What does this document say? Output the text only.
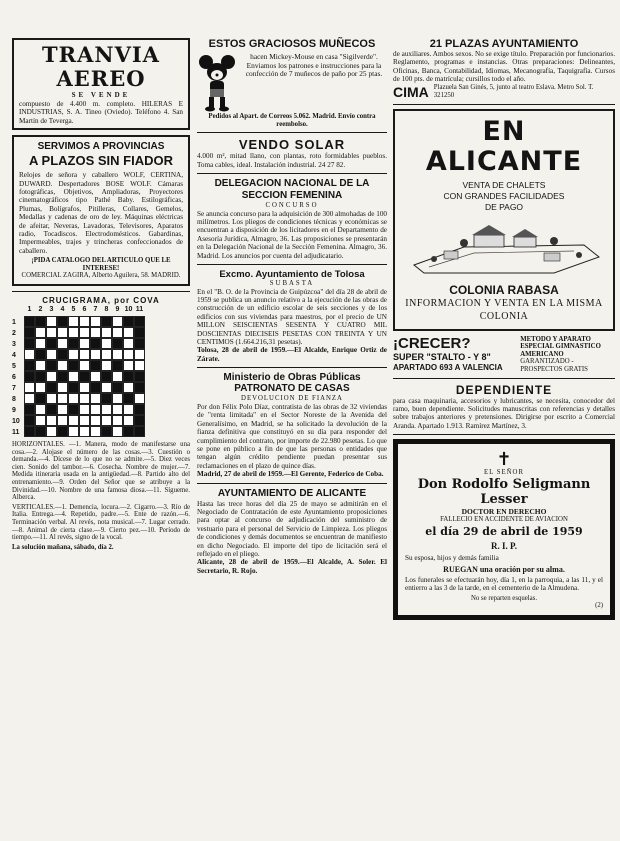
TRANVIA AEREO
SE VENDE
compuesto de 4.400 m. completo. HILERAS E INDUSTRIAS, S. A. Tineo (Oviedo). Teléfono 4. San Martín de Teverga.
SERVIMOS A PROVINCIAS
A PLAZOS SIN FIADOR
Relojes de señora y caballero WOLF, CERTINA, DUWARD. Despertadores BOSE WOLF. Cámaras fotográficas, Objetivos, Ampliadoras, Proyectores cinematográficos tipo Pathé Baby. Estilográficas, Plumas, Bolígrafos, Pitilleras, Collares, Gemelos, Medallas y cadenas de oro de ley. Máquinas eléctricas de afeitar, Neveras, Lavadoras, Televisores, Aparatos radio, Tocadiscos. Electrodomésticos. Gabardinas, Impermeables, trajes y trincheras confeccionados de caballero.
¡PIDA CATALOGO DEL ARTICULO QUE LE INTERESE!
COMERCIAL ZAGIRA, Alberto Aguilera, 58. MADRID.
CRUCIGRAMA, por COVA
1	2	3	4	5	6	7	8	9 10 11
1
2
3
4
5
6
7
8
9
10
11
HORIZONTALES. —1. Manera, modo de manifestarse una cosa.—2. Alojase el número de las cosas.—3. Cuestión o demanda.—4. Dícese de lo que no se admite.—5. Diez veces cien. Sonido del tambor.—6. Cosecha. Nombre de mujer.—7. Medida itineraria usada en la antigüedad.—8. Partido alto del entrenamiento.—9. Orden del Señor que se atribuye a la Divinidad.—10. Nombre de una famosa diosa.—11. Sígueme. Alberca.
VERTICALES.—1. Demencia, locura.—2. Cigarro.—3. Río de Italia. Entrega.—4. Repetido, padre.—5. Ente de razón.—6. Terminación verbal. Al revés, nota musical.—7. Lugar cerrado.—8. Animal de cierta clase.—9. Cierto pez.—10. Período de tiempo.—11. Al revés, signo de la vocal.
La solución mañana, sábado, día 2.
ESTOS GRACIOSOS MUÑECOS
hacen Mickey-Mouse en casa "Sigilverde". Enviamos los patrones e instrucciones para la confección de 7 muñecos de paño por 25 ptas.
Pedidos al Apart. de Correos 5.062. Madrid. Envío contra reembolso.
VENDO SOLAR
4.000 m², mitad llano, con plantas, roto formidables pueblos. Toma cables, ideal. Instalación industrial. 24 27 82.
DELEGACION NACIONAL DE LA SECCION FEMENINA
CONCURSO
Se anuncia concurso para la adquisición de 300 almohadas de 100 milímetros. Los pliegos de condiciones técnicas y económicas se encuentran a disposición de los licitadores en el Departamento de Asesoría Jurídica, Almagro, 36. Las proposiciones se presentarán en la Delegación Nacional de la Sección Femenina. Almagro, 36. Madrid. Los anuncios por cuenta del adjudicatario.
Excmo. Ayuntamiento de Tolosa
SUBASTA
En el "B. O. de la Provincia de Guipúzcoa" del día 28 de abril de 1959 se publica un anuncio relativo a la ejecución de las obras de construcción de un edificio escolar de seis secciones y de los edificios con sus viviendas para maestros, por el precio de UN MILLON SEISCIENTAS SESENTA Y CUATRO MIL DOSCIENTAS DIECISEIS PESETAS CON TREINTA Y UN CENTIMOS (1.664.216,31 pesetas).
Tolosa, 28 de abril de 1959.—El Alcalde, Enrique Ortiz de Zárate.
Ministerio de Obras Públicas
PATRONATO DE CASAS
DEVOLUCION DE FIANZA
Por don Félix Polo Díaz, contratista de las obras de 32 viviendas de "renta limitada" en el Sector Noreste de la Avenida del Generalísimo, en Madrid, se ha solicitado la devolución de la fianza definitiva que constituyó en su día para responder del cumplimiento del contrato, por importe de 22.980 pesetas. Lo que se pone en público a fin de que las personas o entidades que tengan algún crédito pendiente puedan presentar sus reclamaciones en el plazo de quince días.
Madrid, 27 de abril de 1959.—El Gerente, Federico de Coba.
AYUNTAMIENTO DE ALICANTE
Hasta las trece horas del día 25 de mayo se admitirán en el Negociado de Contratación de este Ayuntamiento proposiciones para optar al concurso de adjudicación del suministro de vestuario para el personal del Servicio de Limpieza. Los pliegos de condiciones y demás documentos se encuentran de manifiesto en dicho Negociado. El importe del tipo de licitación será el reflejado en el pliego.
Alicante, 28 de abril de 1959.—El Alcalde, A. Soler. El Secretario, R. Rojo.
21 PLAZAS AYUNTAMIENTO
de auxiliares. Ambos sexos. No se exige título. Preparación por funcionarios. Reglamento, programas e instancias. Otras preparaciones: Delineantes, Oficinas, Banca, Contabilidad, Idiomas, Mecanografía, Taquigrafía. Cursos de 100 pts. de matrícula; cursillos todo el año.
CIMA Plazuela San Ginés, 5, junto al teatro Eslava. Metro Sol. T. 321250
EN ALICANTE
VENTA DE CHALETS
CON GRANDES FACILIDADES
DE PAGO
COLONIA RABASA
INFORMACION Y VENTA EN LA MISMA COLONIA
¡CRECER?
SUPER "STALTO - Y 8"
APARTADO 693 A VALENCIA
METODO Y APARATO ESPECIAL GIMNASTICO AMERICANO
GARANTIZADO - PROSPECTOS GRATIS
DEPENDIENTE
para casa maquinaria, accesorios y lubricantes, se necesita, conocedor del ramo, buen dependiente. Solicitudes manuscritas con referencias y detalles sobre trabajos anteriores y pretensiones. Dirigirse por escrito a Comercial Aranda. Apartado 1.913. Ramírez Martínez, 3.
✝
EL SEÑOR
Don Rodolfo Seligmann
Lesser
DOCTOR EN DERECHO
FALLECIO EN ACCIDENTE DE AVIACION
el día 29 de abril de 1959
R. I. P.
Su esposa, hijos y demás familia
RUEGAN una oración por su alma.
Los funerales se efectuarán hoy, día 1, en la parroquia, a las 11, y el entierro a las 3 de la tarde, en el cementerio de la Almudena.
No se reparten esquelas.
(2)
